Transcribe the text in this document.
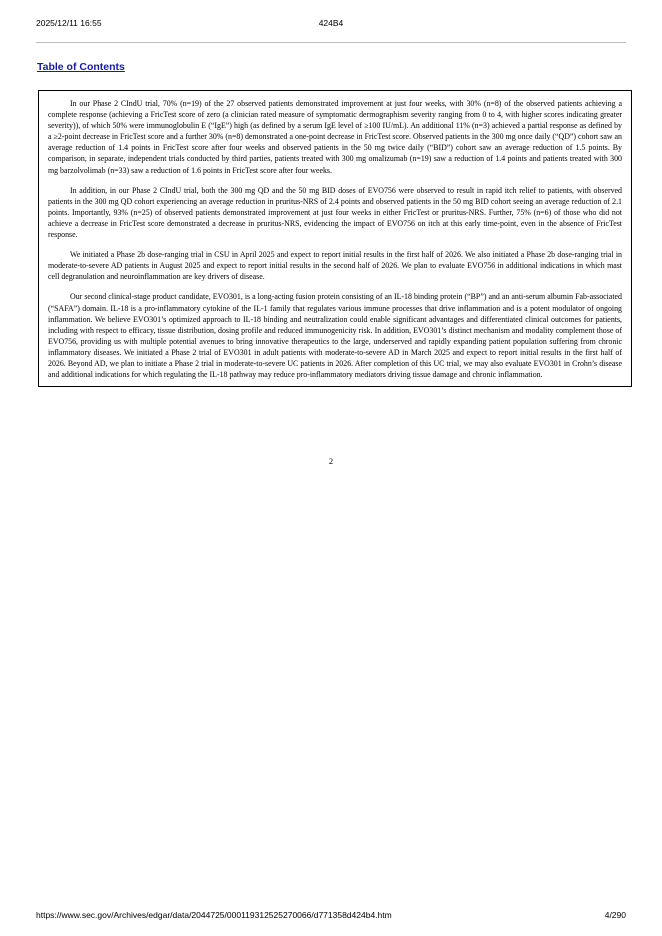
2025/12/11 16:55	424B4
Table of Contents

In our Phase 2 CIndU trial, 70% (n=19) of the 27 observed patients demonstrated improvement at just four weeks, with 30% (n=8) of the observed patients achieving a complete response (achieving a FricTest score of zero (a clinician rated measure of symptomatic dermographism severity ranging from 0 to 4, with higher scores indicating greater severity)), of which 50% were immunoglobulin E (“IgE”) high (as defined by a serum IgE level of ≥100 IU/mL). An additional 11% (n=3) achieved a partial response as defined by a ≥2-point decrease in FricTest score and a further 30% (n=8) demonstrated a one-point decrease in FricTest score. Observed patients in the 300 mg once daily (“QD”) cohort saw an average reduction of 1.4 points in FricTest score after four weeks and observed patients in the 50 mg twice daily (“BID”) cohort saw an average reduction of 1.5 points. By comparison, in separate, independent trials conducted by third parties, patients treated with 300 mg omalizumab (n=19) saw a reduction of 1.4 points and patients treated with 300 mg barzolvolimab (n=33) saw a reduction of 1.6 points in FricTest score after four weeks.

In addition, in our Phase 2 CIndU trial, both the 300 mg QD and the 50 mg BID doses of EVO756 were observed to result in rapid itch relief to patients, with observed patients in the 300 mg QD cohort experiencing an average reduction in pruritus-NRS of 2.4 points and observed patients in the 50 mg BID cohort seeing an average reduction of 2.1 points. Importantly, 93% (n=25) of observed patients demonstrated improvement at just four weeks in either FricTest or pruritus-NRS. Further, 75% (n=6) of those who did not achieve a decrease in FricTest score demonstrated a decrease in pruritus-NRS, evidencing the impact of EVO756 on itch at this early time-point, even in the absence of FricTest response.

We initiated a Phase 2b dose-ranging trial in CSU in April 2025 and expect to report initial results in the first half of 2026. We also initiated a Phase 2b dose-ranging trial in moderate-to-severe AD patients in August 2025 and expect to report initial results in the second half of 2026. We plan to evaluate EVO756 in additional indications in which mast cell degranulation and neuroinflammation are key drivers of disease.

Our second clinical-stage product candidate, EVO301, is a long-acting fusion protein consisting of an IL-18 binding protein (“BP”) and an anti-serum albumin Fab-associated (“SAFA”) domain. IL-18 is a pro-inflammatory cytokine of the IL-1 family that regulates various immune processes that drive inflammation and is a potent modulator of ongoing inflammation. We believe EVO301’s optimized approach to IL-18 binding and neutralization could enable significant advantages and differentiated clinical outcomes for patients, including with respect to efficacy, tissue distribution, dosing profile and reduced immunogenicity risk. In addition, EVO301’s distinct mechanism and modality complement those of EVO756, providing us with multiple potential avenues to bring innovative therapeutics to the large, underserved and rapidly expanding patient population suffering from chronic inflammatory diseases. We initiated a Phase 2 trial of EVO301 in adult patients with moderate-to-severe AD in March 2025 and expect to report initial results in the first half of 2026. Beyond AD, we plan to initiate a Phase 2 trial in moderate-to-severe UC patients in 2026. After completion of this UC trial, we may also evaluate EVO301 in Crohn’s disease and additional indications for which regulating the IL-18 pathway may reduce pro-inflammatory mediators driving tissue damage and chronic inflammation.

2
https://www.sec.gov/Archives/edgar/data/2044725/000119312525270066/d771358d424b4.htm	4/290
